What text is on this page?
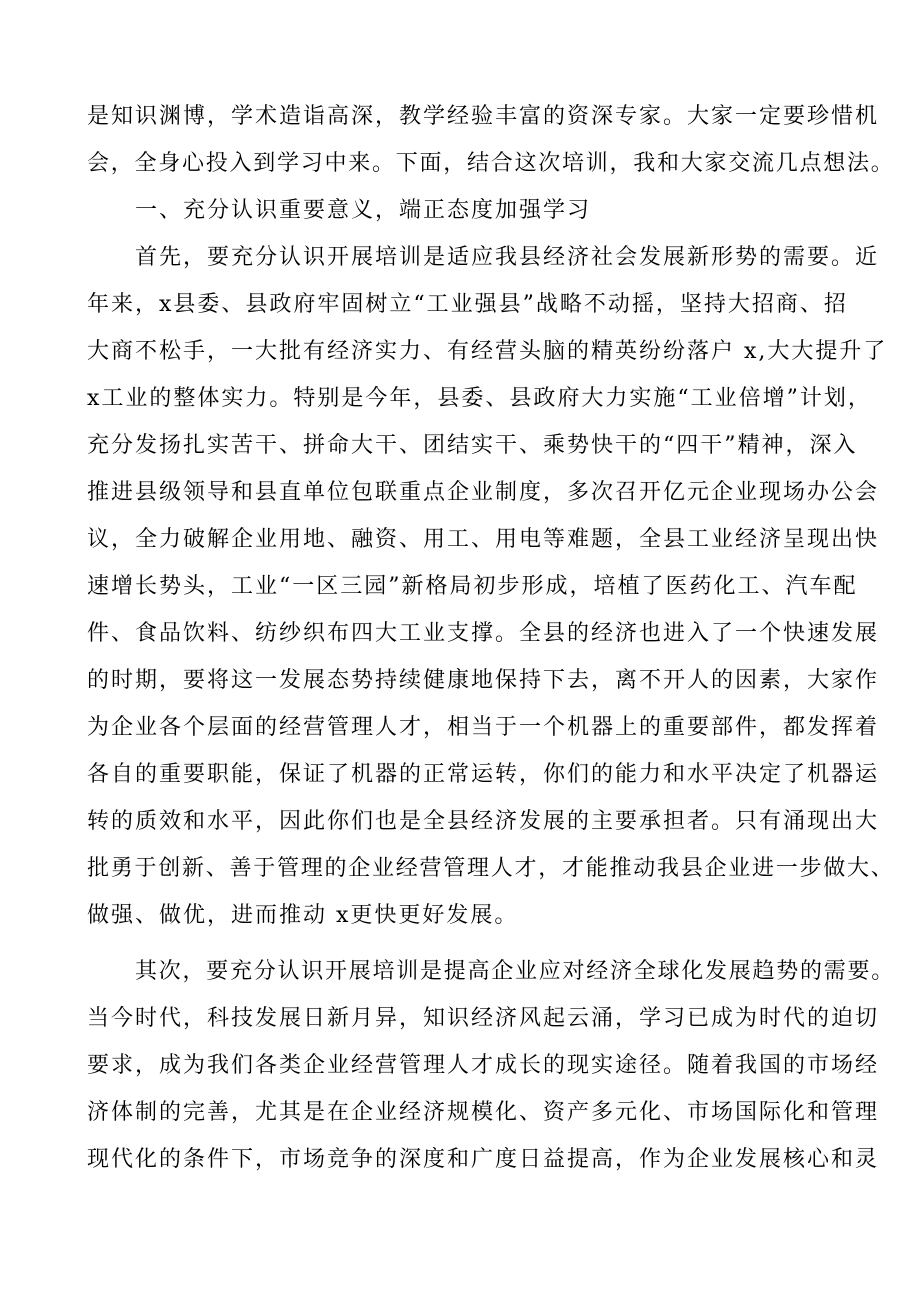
是知识渊博，学术造诣高深，教学经验丰富的资深专家。大家一定要珍惜机
会，全身心投入到学习中来。下面，结合这次培训，我和大家交流几点想法。
一、充分认识重要意义，端正态度加强学习
首先，要充分认识开展培训是适应我县经济社会发展新形势的需要。近
年来，x县委、县政府牢固树立“工业强县”战略不动摇，坚持大招商、招
大商不松手，一大批有经济实力、有经营头脑的精英纷纷落户 x,大大提升了
x工业的整体实力。特别是今年，县委、县政府大力实施“工业倍增”计划，
充分发扬扎实苦干、拼命大干、团结实干、乘势快干的“四干”精神，深入
推进县级领导和县直单位包联重点企业制度，多次召开亿元企业现场办公会
议，全力破解企业用地、融资、用工、用电等难题，全县工业经济呈现出快
速增长势头，工业“一区三园”新格局初步形成，培植了医药化工、汽车配
件、食品饮料、纺纱织布四大工业支撑。全县的经济也进入了一个快速发展
的时期，要将这一发展态势持续健康地保持下去，离不开人的因素，大家作
为企业各个层面的经营管理人才，相当于一个机器上的重要部件，都发挥着
各自的重要职能，保证了机器的正常运转，你们的能力和水平决定了机器运
转的质效和水平，因此你们也是全县经济发展的主要承担者。只有涌现出大
批勇于创新、善于管理的企业经营管理人才，才能推动我县企业进一步做大、
做强、做优，进而推动 x更快更好发展。
其次，要充分认识开展培训是提高企业应对经济全球化发展趋势的需要。
当今时代，科技发展日新月异，知识经济风起云涌，学习已成为时代的迫切
要求，成为我们各类企业经营管理人才成长的现实途径。随着我国的市场经
济体制的完善，尤其是在企业经济规模化、资产多元化、市场国际化和管理
现代化的条件下，市场竞争的深度和广度日益提高，作为企业发展核心和灵
